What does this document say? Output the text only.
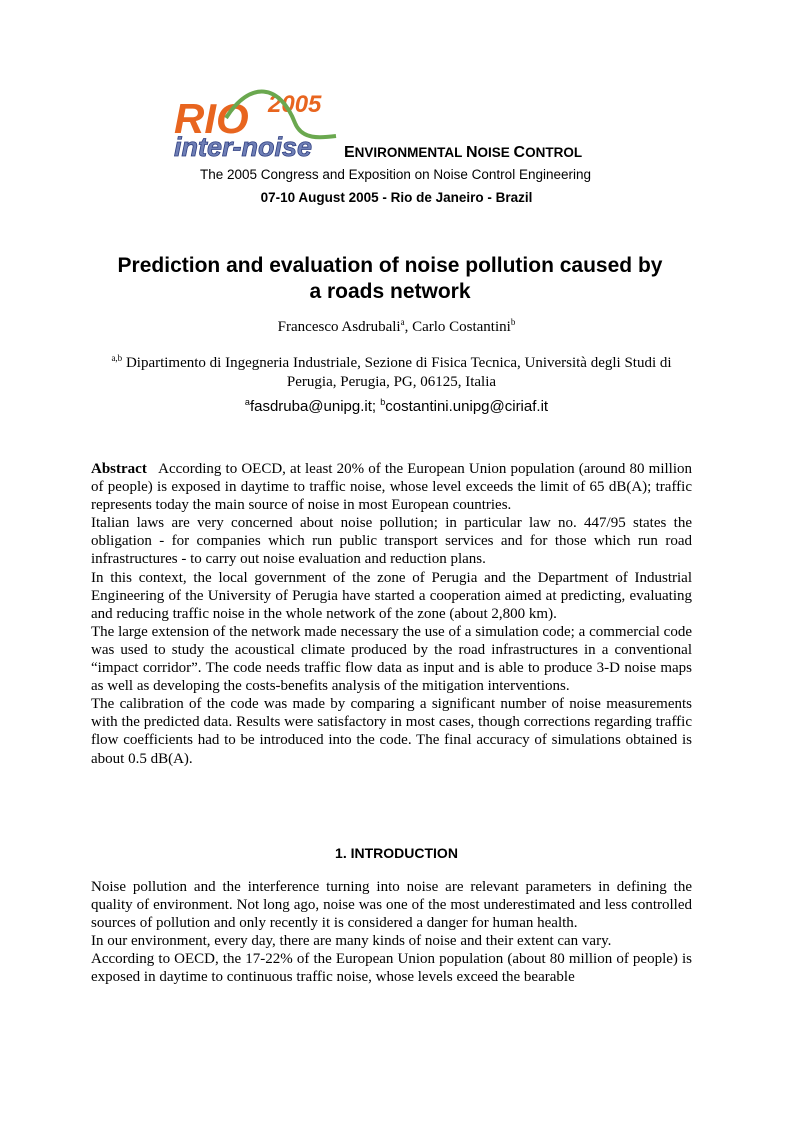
RIO 2005
inter-noise ENVIRONMENTAL NOISE CONTROL
The 2005 Congress and Exposition on Noise Control Engineering
07-10 August 2005 - Rio de Janeiro - Brazil
Prediction and evaluation of noise pollution caused by
a roads network
Francesco Asdrubali$^a$, Carlo Costantini$^b$
$^{a,b}$ Dipartimento di Ingegneria Industriale, Sezione di Fisica Tecnica, Università degli Studi di
Perugia, Perugia, PG, 06125, Italia
$^a$fasdruba@unipg.it; $^b$costantini.unipg@ciriaf.it

Abstract According to OECD, at least 20% of the European Union population (around 80 million of people) is exposed in daytime to traffic noise, whose level exceeds the limit of 65 dB(A); traffic represents today the main source of noise in most European countries.

Italian laws are very concerned about noise pollution; in particular law no. 447/95 states the obligation - for companies which run public transport services and for those which run road infrastructures - to carry out noise evaluation and reduction plans.

In this context, the local government of the zone of Perugia and the Department of Industrial Engineering of the University of Perugia have started a cooperation aimed at predicting, evaluating and reducing traffic noise in the whole network of the zone (about 2,800 km).

The large extension of the network made necessary the use of a simulation code; a commercial code was used to study the acoustical climate produced by the road infrastructures in a conventional “impact corridor”. The code needs traffic flow data as input and is able to produce 3-D noise maps as well as developing the costs-benefits analysis of the mitigation interventions.

The calibration of the code was made by comparing a significant number of noise measurements with the predicted data. Results were satisfactory in most cases, though corrections regarding traffic flow coefficients had to be introduced into the code. The final accuracy of simulations obtained is about 0.5 dB(A).

1. INTRODUCTION

Noise pollution and the interference turning into noise are relevant parameters in defining the quality of environment. Not long ago, noise was one of the most underestimated and less controlled sources of pollution and only recently it is considered a danger for human health.

In our environment, every day, there are many kinds of noise and their extent can vary.

According to OECD, the 17-22% of the European Union population (about 80 million of people) is exposed in daytime to continuous traffic noise, whose levels exceed the bearable
